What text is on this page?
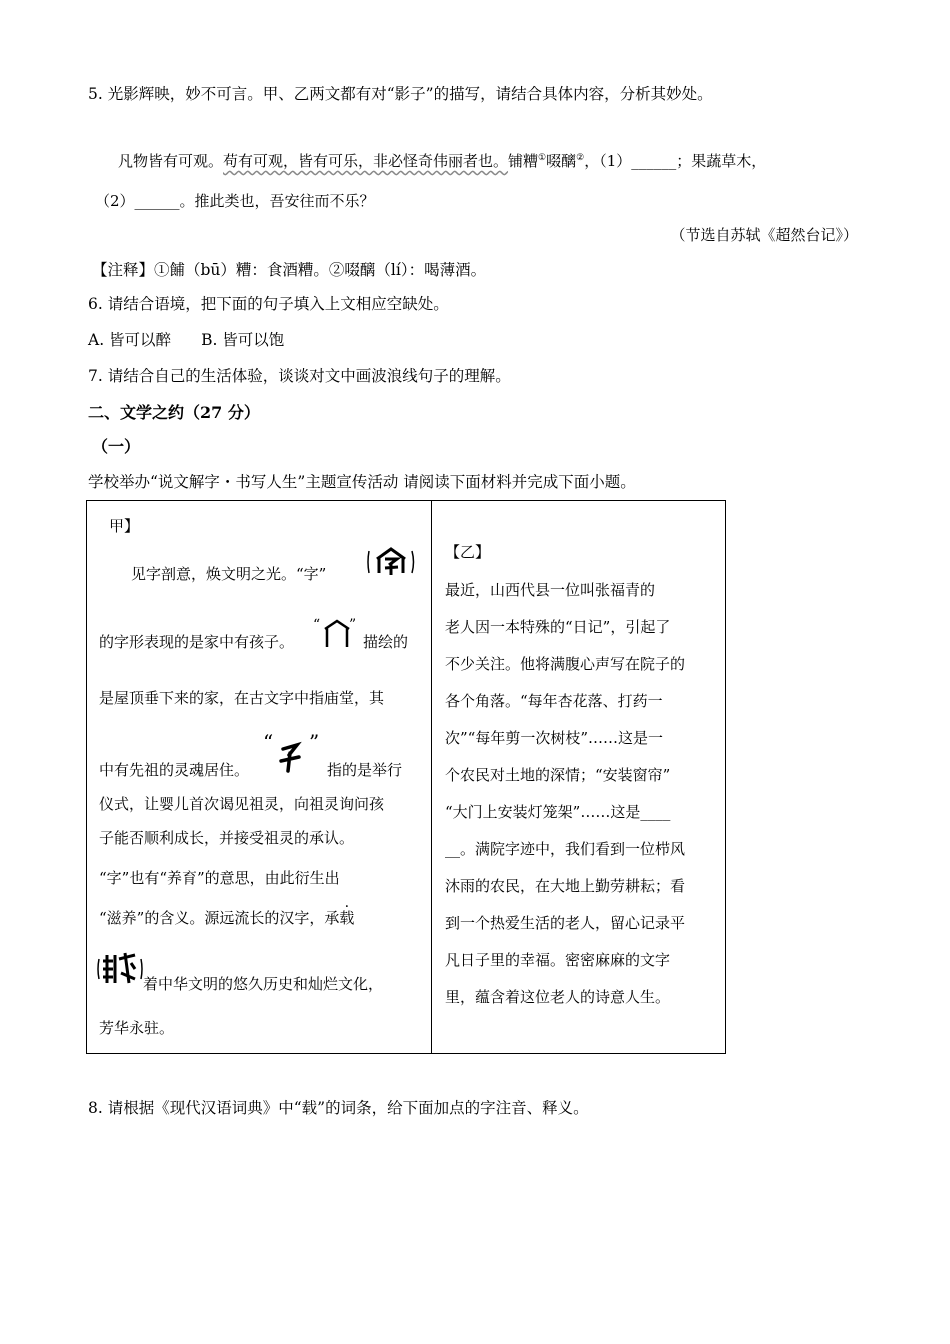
5. 光影辉映，妙不可言。甲、乙两文都有对“影子”的描写，请结合具体内容，分析其妙处。
凡物皆有可观。苟有可观，皆有可乐，非必怪奇伟丽者也。铺糟①啜醨②，（1）______；果蔬草木，
（2）______。推此类也，吾安往而不乐？
（节选自苏轼《超然台记》）
【注释】①餔（bū）糟：食酒糟。②啜醨（lí）：喝薄酒。
6. 请结合语境，把下面的句子填入上文相应空缺处。
A. 皆可以醉 B. 皆可以饱
7. 请结合自己的生活体验，谈谈对文中画波浪线句子的理解。
二、文学之约（27 分）
（一）
学校举办“说文解字・书写人生”主题宣传活动 请阅读下面材料并完成下面小题。
甲】
见字剖意，焕文明之光。“字”
的字形表现的是家中有孩子。
“ ”
描绘的
是屋顶垂下来的家，在古文字中指庙堂，其
中有先祖的灵魂居住。
“ ”
指的是举行
仪式，让婴儿首次谒见祖灵，向祖灵询问孩
子能否顺利成长，并接受祖灵的承认。
“字”也有“养育”的意思，由此衍生出
“滋养”的含义。源远流长的汉字，承载
着中华文明的悠久历史和灿烂文化，
芳华永驻。
【乙】
最近，山西代县一位叫张福青的
老人因一本特殊的“日记”，引起了
不少关注。他将满腹心声写在院子的
各个角落。“每年杏花落、打药一
次”“每年剪一次树枝”……这是一
个农民对土地的深情；“安装窗帘”
“大门上安装灯笼架”……这是____
__。满院字迹中，我们看到一位栉风
沐雨的农民，在大地上勤劳耕耘；看
到一个热爱生活的老人，留心记录平
凡日子里的幸福。密密麻麻的文字
里，蕴含着这位老人的诗意人生。
8. 请根据《现代汉语词典》中“载”的词条，给下面加点的字注音、释义。
